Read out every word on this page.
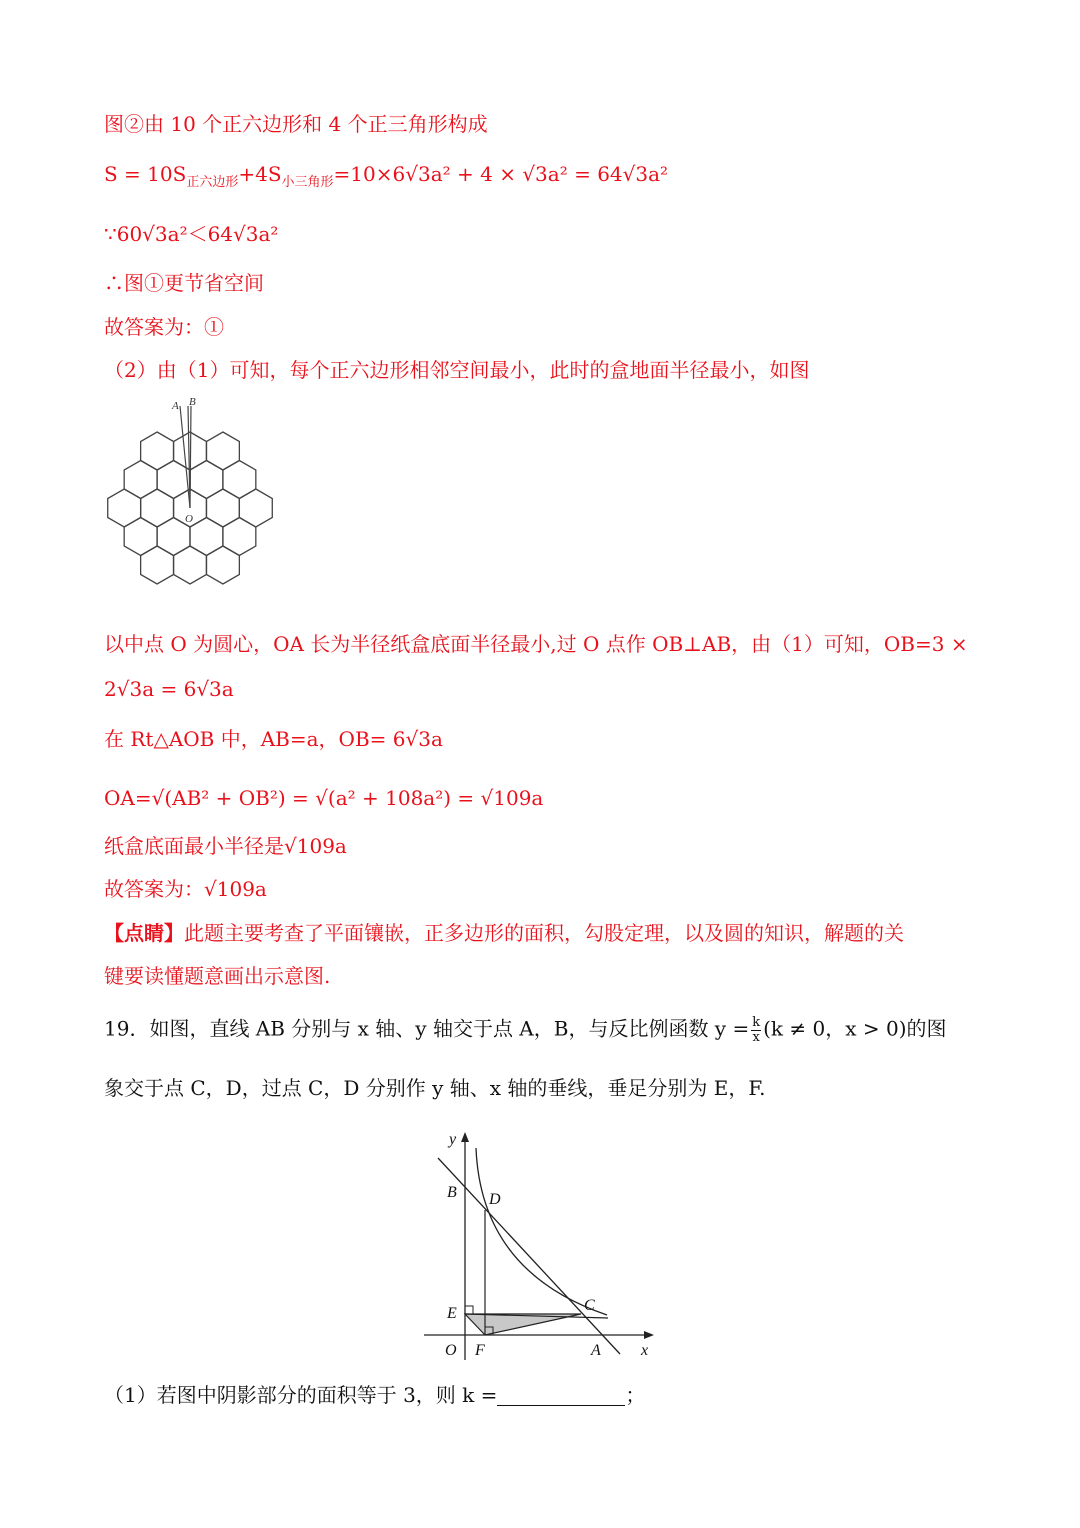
图②由 10 个正六边形和 4 个正三角形构成
$S = 10S_{正六边形}+4S_{小三角形}=10\times 6√3a^2 + 4 \times √3a^2 = 64√3a^2$
∵60√3a²＜64√3a²
∴图①更节省空间
故答案为：①
（2）由（1）可知，每个正六边形相邻空间最小，此时的盒地面半径最小，如图
A B
O
以中点 O 为圆心，OA 长为半径纸盒底面半径最小,过 O 点作 OB⊥AB，由（1）可知，OB=3 ×
2√3a = 6√3a
在 Rt△AOB 中，AB=a，OB= 6√3a
OA=√(AB² + OB²) = √(a² + 108a²) = √109a
纸盒底面最小半径是√109a
故答案为：√109a
【点睛】此题主要考查了平面镶嵌，正多边形的面积，勾股定理，以及圆的知识，解题的关
键要读懂题意画出示意图.
19．如图，直线 AB 分别与 x 轴、y 轴交于点 A，B，与反比例函数 $y = \frac{k}{x} (k \ne 0$，x > 0)的图
象交于点 C，D，过点 C，D 分别作 y 轴、x 轴的垂线，垂足分别为 E，F.
y
x
B D
E	C
O F	A
（1）若图中阴影部分的面积等于 3，则 k =	；
